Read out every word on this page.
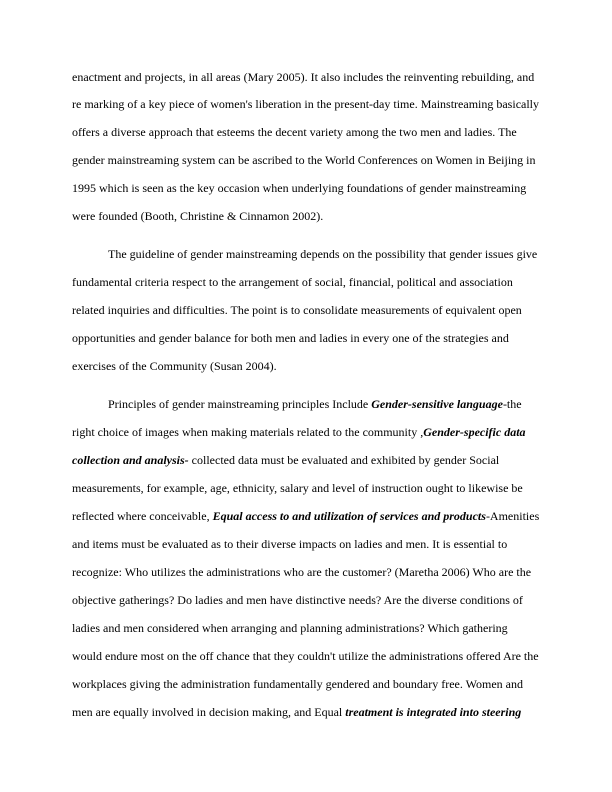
enactment and projects, in all areas (Mary 2005). It also includes the reinventing rebuilding, and
re marking of a key piece of women's liberation in the present-day time. Mainstreaming basically
offers a diverse approach that esteems the decent variety among the two men and ladies. The
gender mainstreaming system can be ascribed to the World Conferences on Women in Beijing in
1995 which is seen as the key occasion when underlying foundations of gender mainstreaming
were founded (Booth, Christine & Cinnamon 2002).
The guideline of gender mainstreaming depends on the possibility that gender issues give
fundamental criteria respect to the arrangement of social, financial, political and association
related inquiries and difficulties. The point is to consolidate measurements of equivalent open
opportunities and gender balance for both men and ladies in every one of the strategies and
exercises of the Community (Susan 2004).
Principles of gender mainstreaming principles Include Gender-sensitive language-the
right choice of images when making materials related to the community ,Gender-specific data
collection and analysis- collected data must be evaluated and exhibited by gender Social
measurements, for example, age, ethnicity, salary and level of instruction ought to likewise be
reflected where conceivable, Equal access to and utilization of services and products-Amenities
and items must be evaluated as to their diverse impacts on ladies and men. It is essential to
recognize: Who utilizes the administrations who are the customer? (Maretha 2006) Who are the
objective gatherings? Do ladies and men have distinctive needs? Are the diverse conditions of
ladies and men considered when arranging and planning administrations? Which gathering
would endure most on the off chance that they couldn't utilize the administrations offered Are the
workplaces giving the administration fundamentally gendered and boundary free. Women and
men are equally involved in decision making, and Equal treatment is integrated into steering
